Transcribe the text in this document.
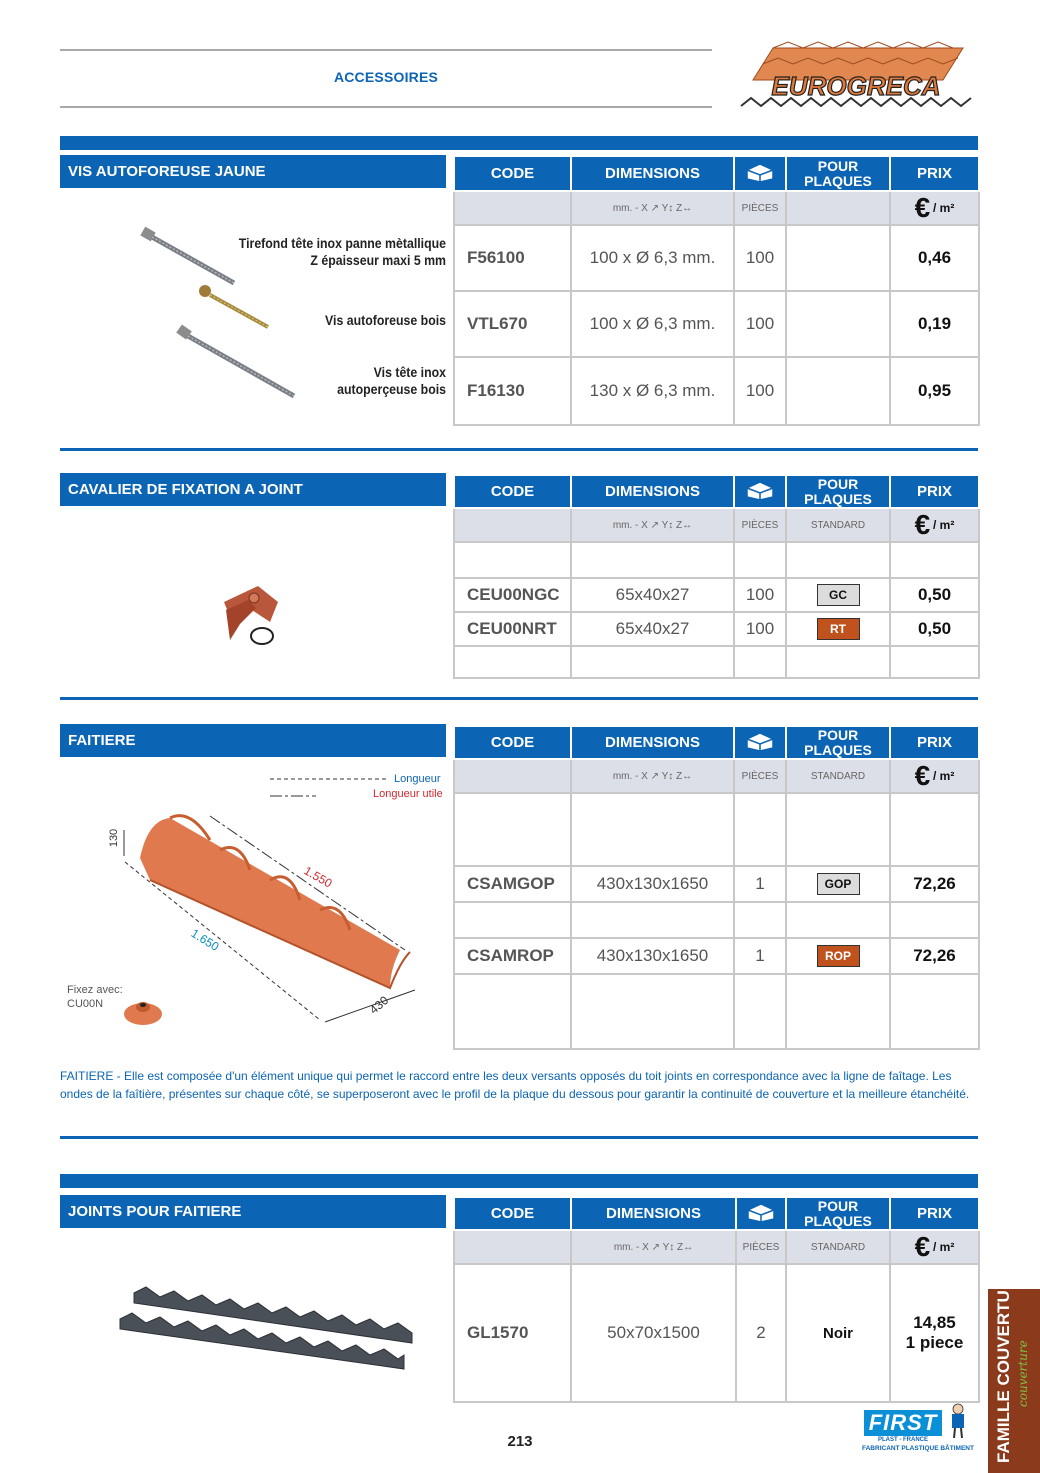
ACCESSOIRES	EUROGRECA
VIS AUTOFOREUSE JAUNE
Tirefond tête inox panne mètallique
Z épaisseur maxi 5 mm
Vis autoforeuse bois
Vis tête inox
autoperçeuse bois
CODE	DIMENSIONS		POUR
PLAQUES	PRIX
	mm. - X ↗ Y↕ Z↔	PIÈCES		€ / m²
F56100	100 x Ø 6,3 mm.	100		0,46
VTL670	100 x Ø 6,3 mm.	100		0,19
F16130	130 x Ø 6,3 mm.	100		0,95
CAVALIER DE FIXATION A JOINT	CODE	DIMENSIONS		POUR
PLAQUES	PRIX
	mm. - X ↗ Y↕ Z↔	PIÈCES	STANDARD	€ / m²

CEU00NGC	65x40x27	100	GC	0,50
CEU00NRT	65x40x27	100	RT	0,50

FAITIERE
Longueur
Longueur utile
130
1.550
1.650
430
Fixez avec:
CU00N
CODE	DIMENSIONS		POUR
PLAQUES	PRIX
	mm. - X ↗ Y↕ Z↔	PIÈCES	STANDARD	€ / m²

CSAMGOP	430x130x1650	1	GOP	72,26

CSAMROP	430x130x1650	1	ROP	72,26

FAITIERE - Elle est composée d'un élément unique qui permet le raccord entre les deux versants opposés du toit joints en correspondance avec la ligne de faîtage. Les ondes de la faîtière, présentes sur chaque côté, se superposeront avec le profil de la plaque du dessous pour garantir la continuité de couverture et la meilleure étanchéité.
JOINTS POUR FAITIERE	CODE	DIMENSIONS		POUR
PLAQUES	PRIX
	mm. - X ↗ Y↕ Z↔	PIÈCES	STANDARD	€ / m²
GL1570	50x70x1500	2	Noir	14,85
1 piece
213
FIRST
PLAST - FRANCE
FABRICANT PLASTIQUE BÂTIMENT FAMILLE COUVERTURE couverture
